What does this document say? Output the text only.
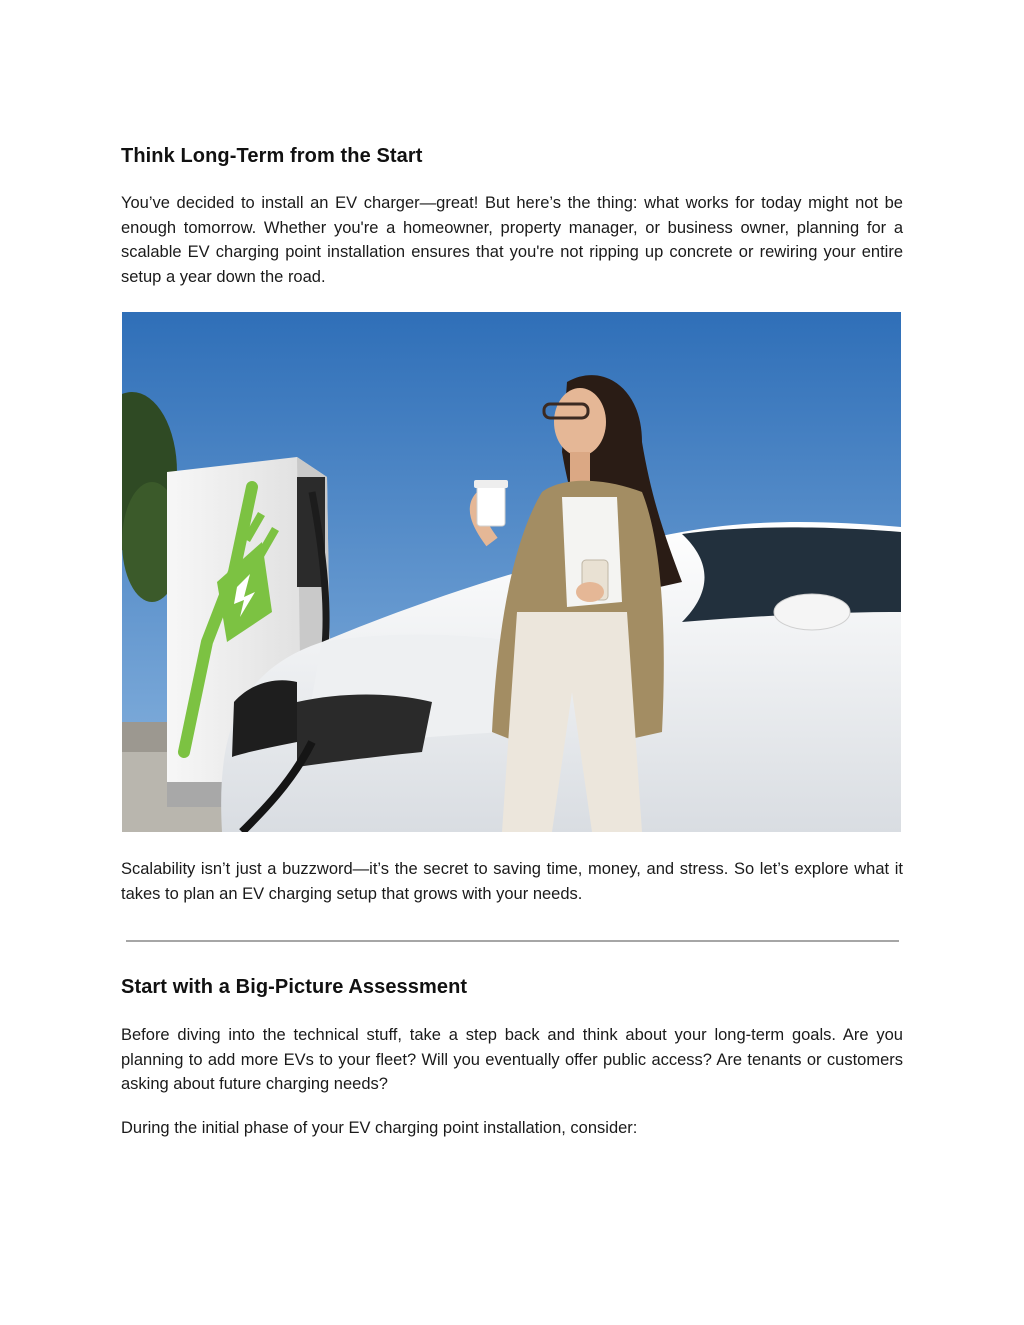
Think Long-Term from the Start

You’ve decided to install an EV charger—great! But here’s the thing: what works for today might not be enough tomorrow. Whether you're a homeowner, property manager, or business owner, planning for a scalable EV charging point installation ensures that you're not ripping up concrete or rewiring your entire setup a year down the road.

Scalability isn’t just a buzzword—it’s the secret to saving time, money, and stress. So let’s explore what it takes to plan an EV charging setup that grows with your needs.

Start with a Big-Picture Assessment

Before diving into the technical stuff, take a step back and think about your long-term goals. Are you planning to add more EVs to your fleet? Will you eventually offer public access? Are tenants or customers asking about future charging needs?

During the initial phase of your EV charging point installation, consider:
